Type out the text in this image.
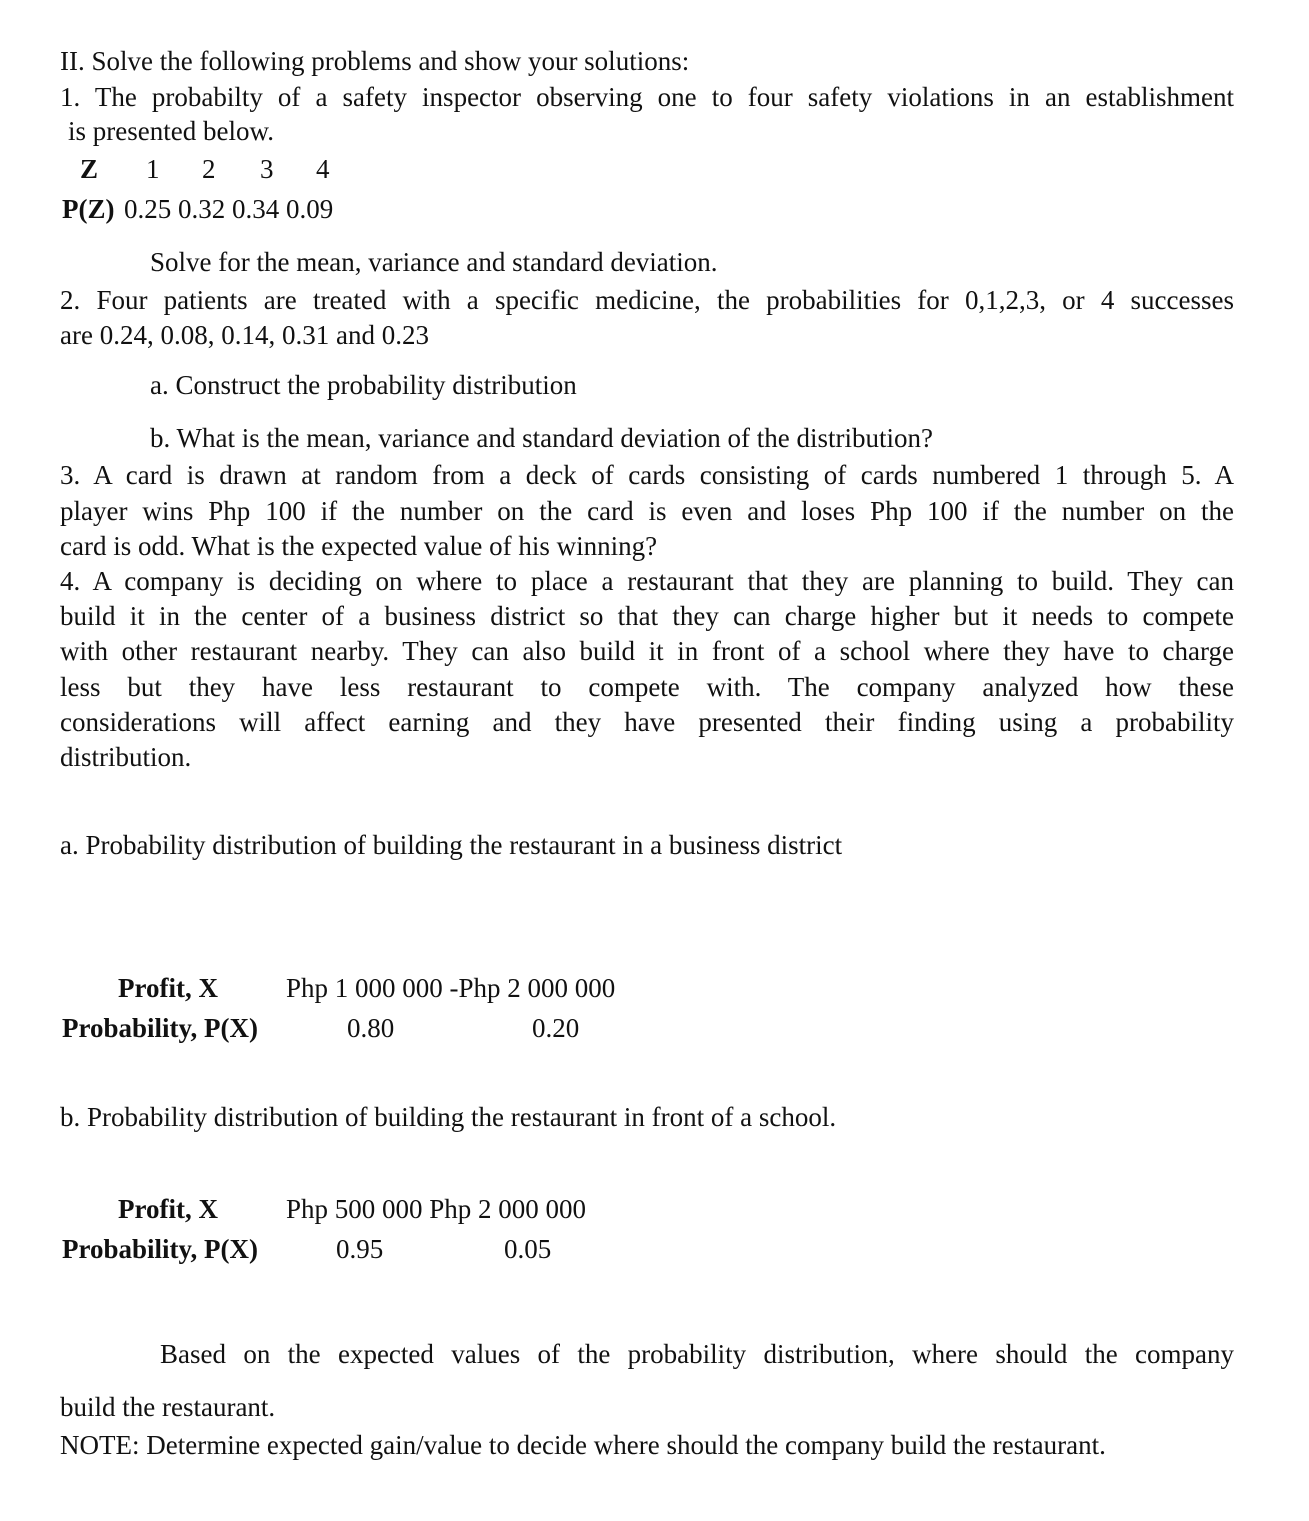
II. Solve the following problems and show your solutions:
1. The probabilty of a safety inspector observing one to four safety violations in an establishment
is presented below.
Z 1 2 3 4
P(Z) 0.25 0.32 0.34 0.09
Solve for the mean, variance and standard deviation.
2. Four patients are treated with a specific medicine, the probabilities for 0,1,2,3, or 4 successes
are 0.24, 0.08, 0.14, 0.31 and 0.23
a. Construct the probability distribution
b. What is the mean, variance and standard deviation of the distribution?
3. A card is drawn at random from a deck of cards consisting of cards numbered 1 through 5. A
player wins Php 100 if the number on the card is even and loses Php 100 if the number on the
card is odd. What is the expected value of his winning?
4. A company is deciding on where to place a restaurant that they are planning to build. They can
build it in the center of a business district so that they can charge higher but it needs to compete
with other restaurant nearby. They can also build it in front of a school where they have to charge
less but they have less restaurant to compete with. The company analyzed how these
considerations will affect earning and they have presented their finding using a probability
distribution.
a. Probability distribution of building the restaurant in a business district
Profit, X	Php 1 000 000 -Php 2 000 000
Probability, P(X)	0.80	0.20
b. Probability distribution of building the restaurant in front of a school.
Profit, X	Php 500 000 Php 2 000 000
Probability, P(X)	0.95	0.05
Based on the expected values of the probability distribution, where should the company
build the restaurant.
NOTE: Determine expected gain/value to decide where should the company build the restaurant.
